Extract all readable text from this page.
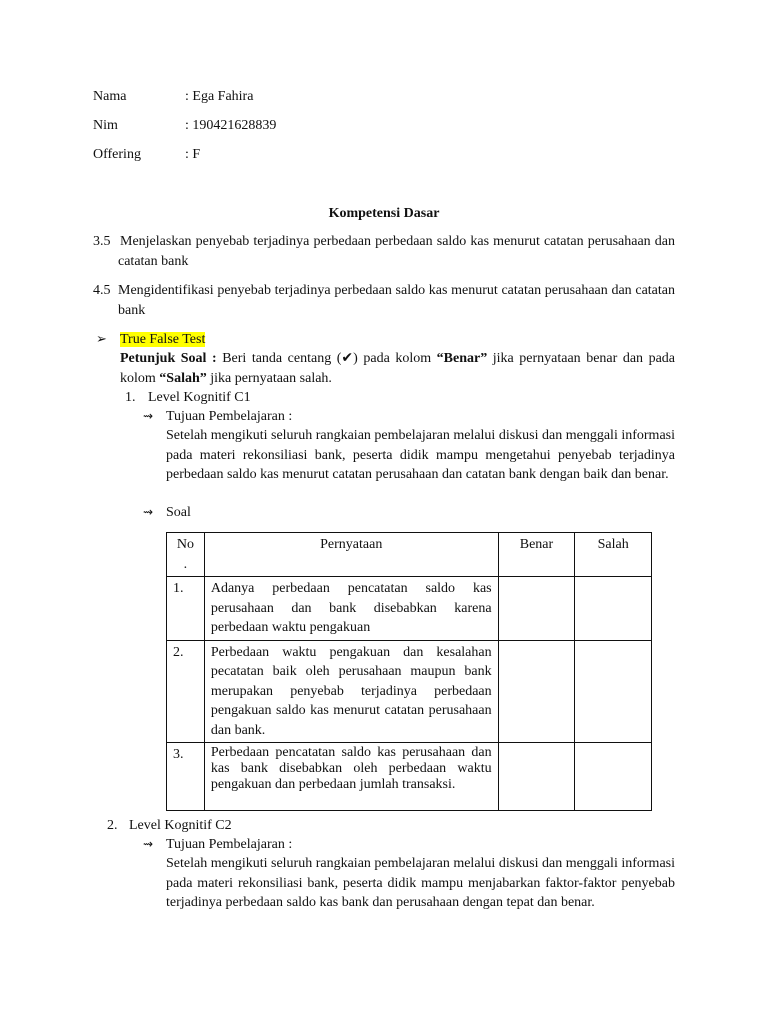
Nama	: Ega Fahira
Nim	: 190421628839
Offering	: F
Kompetensi Dasar
3.5 Menjelaskan penyebab terjadinya perbedaan perbedaan saldo kas menurut catatan perusahaan dan catatan bank
4.5 Mengidentifikasi penyebab terjadinya perbedaan saldo kas menurut catatan perusahaan dan catatan bank
➢ True False Test
Petunjuk Soal : Beri tanda centang (✔) pada kolom “Benar” jika pernyataan benar dan pada kolom “Salah” jika pernyataan salah.
1. Level Kognitif C1
⇝ Tujuan Pembelajaran :
Setelah mengikuti seluruh rangkaian pembelajaran melalui diskusi dan menggali informasi pada materi rekonsiliasi bank, peserta didik mampu mengetahui penyebab terjadinya perbedaan saldo kas menurut catatan perusahaan dan catatan bank dengan baik dan benar.
⇝ Soal
No .	Pernyataan	Benar	Salah

1.	Adanya perbedaan pencatatan saldo kas perusahaan dan bank disebabkan karena perbedaan waktu pengakuan		

2.	Perbedaan waktu pengakuan dan kesalahan pecatatan baik oleh perusahaan maupun bank merupakan penyebab terjadinya perbedaan pengakuan saldo kas menurut catatan perusahaan dan bank.		

3.	Perbedaan pencatatan saldo kas perusahaan dan kas bank disebabkan oleh perbedaan waktu pengakuan dan perbedaan jumlah transaksi.		

2. Level Kognitif C2
⇝ Tujuan Pembelajaran :
Setelah mengikuti seluruh rangkaian pembelajaran melalui diskusi dan menggali informasi pada materi rekonsiliasi bank, peserta didik mampu menjabarkan faktor-faktor penyebab terjadinya perbedaan saldo kas bank dan perusahaan dengan tepat dan benar.
